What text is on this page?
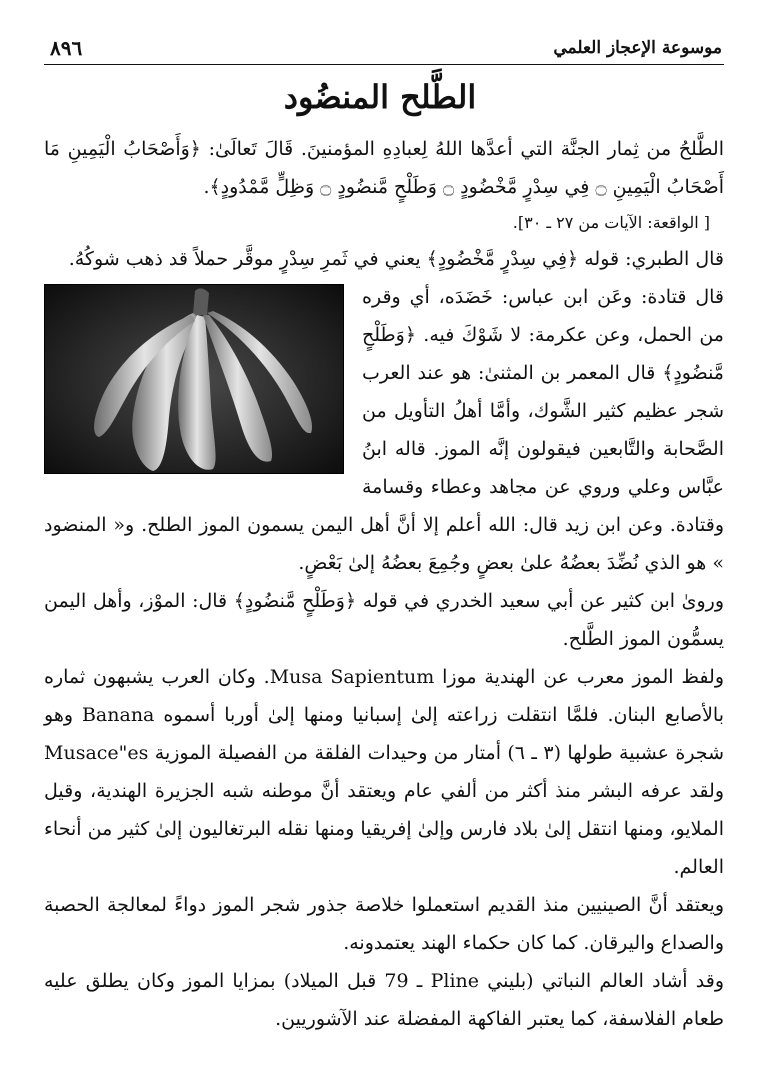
٨٩٦	موسوعة الإعجاز العلمي
الطَّلح المنضُود

الطَّلحُ من ثِمار الجنَّة التي أعدَّها اللهُ لِعبادِهِ المؤمنينَ. قَالَ تَعالَىٰ: ﴿وَأَصْحَابُ الْيَمِينِ مَا أَصْحَابُ الْيَمِينِ ۝ فِي سِدْرٍ مَّخْضُودٍ ۝ وَطَلْحٍ مَّنضُودٍ ۝ وَظِلٍّ مَّمْدُودٍ﴾.

[ الواقعة: الآيات من ٢٧ ـ ٣٠].

قال الطبري: قوله ﴿فِي سِدْرٍ مَّخْضُودٍ﴾ يعني في ثَمرِ سِدْرٍ موقَّر حملاً قد ذهب شوكُهُ.

قال قتادة: وعَن ابن عباس: خَضَدَه، أي وقره من الحمل، وعن عكرمة: لا شَوْكَ فيه. ﴿وَطَلْحٍ مَّنضُودٍ﴾ قال المعمر بن المثنىٰ: هو عند العرب شجر عظيم كثير الشَّوك، وأمَّا أهلُ التأويل من الصَّحابة والتَّابعين فيقولون إنَّه الموز. قاله ابنُ عبَّاس وعلي وروي عن مجاهد وعطاء وقسامة وقتادة. وعن ابن زيد قال: الله أعلم إلا أنَّ أهل اليمن يسمون الموز الطلح. و« المنضود » هو الذي نُضِّدَ بعضُهُ علىٰ بعضٍ وجُمِعَ بعضُهُ إلىٰ بَعْضٍ.

وروىٰ ابن كثير عن أبي سعيد الخدري في قوله ﴿وَطَلْحٍ مَّنضُودٍ﴾ قال: الموْز، وأهل اليمن يسمُّون الموز الطَّلح.

ولفظ الموز معرب عن الهندية موزا Musa Sapientum. وكان العرب يشبهون ثماره بالأصابع البنان. فلمَّا انتقلت زراعته إلىٰ إسبانيا ومنها إلىٰ أوربا أسموه Banana وهو شجرة عشبية طولها (٣ ـ ٦) أمتار من وحيدات الفلقة من الفصيلة الموزية Musace"es ولقد عرفه البشر منذ أكثر من ألفي عام ويعتقد أنَّ موطنه شبه الجزيرة الهندية، وقيل الملايو، ومنها انتقل إلىٰ بلاد فارس وإلىٰ إفريقيا ومنها نقله البرتغاليون إلىٰ كثير من أنحاء العالم.

ويعتقد أنَّ الصينيين منذ القديم استعملوا خلاصة جذور شجر الموز دواءً لمعالجة الحصبة والصداع واليرقان. كما كان حكماء الهند يعتمدونه.

وقد أشاد العالم النباتي (بليني Pline ـ 79 قبل الميلاد) بمزايا الموز وكان يطلق عليه طعام الفلاسفة، كما يعتبر الفاكهة المفضلة عند الآشوريين.
